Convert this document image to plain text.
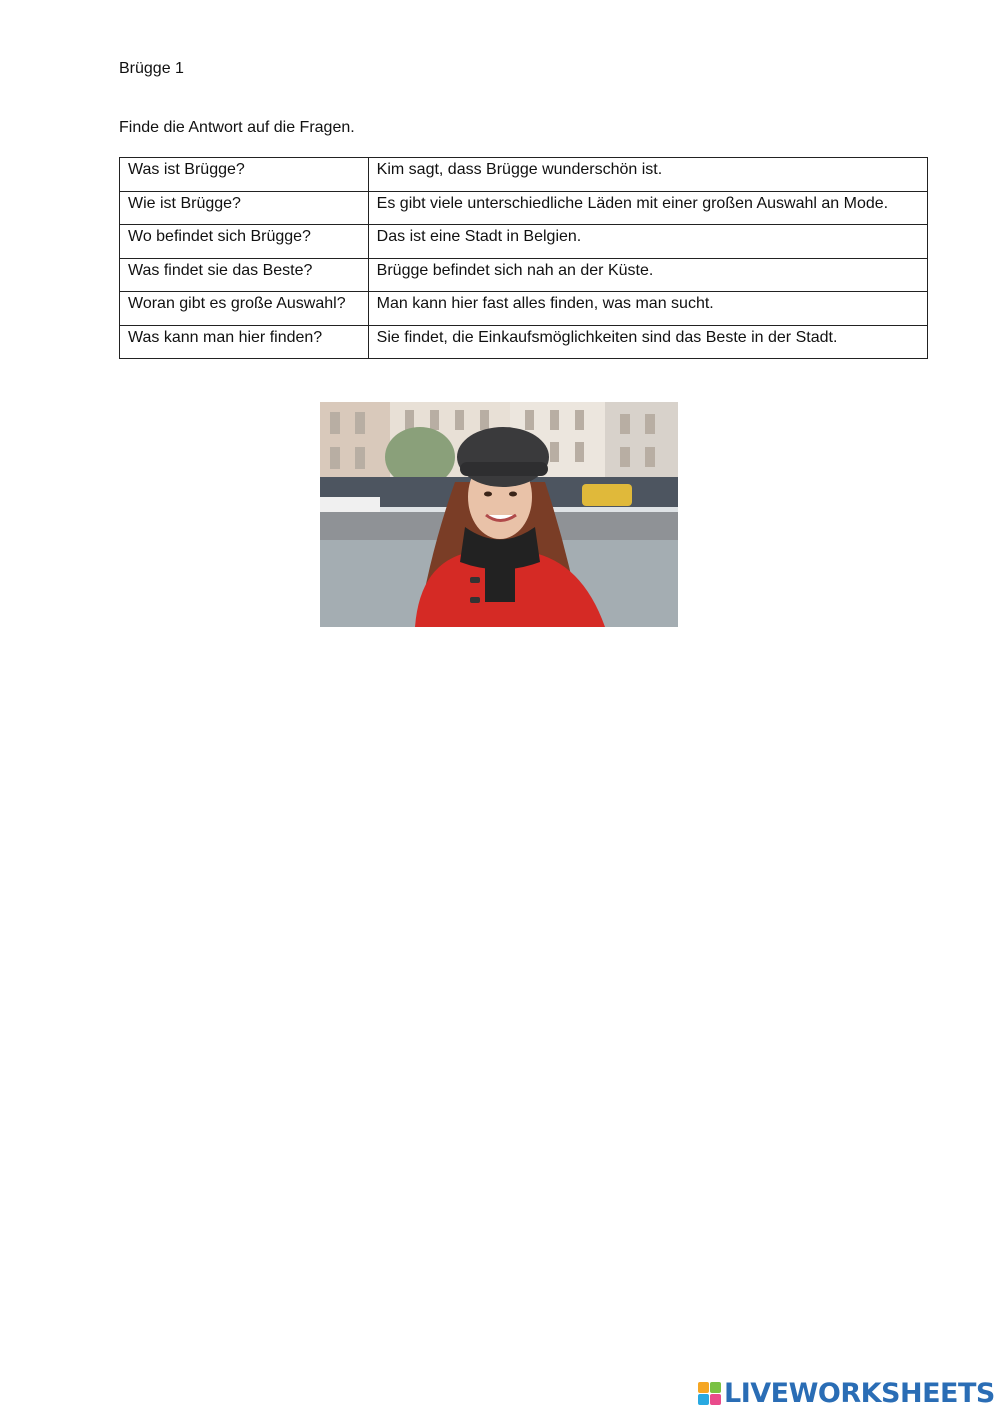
Brügge 1
Finde die Antwort auf die Fragen.
Was ist Brügge?	Kim sagt, dass Brügge wunderschön ist.
Wie ist Brügge?	Es gibt viele unterschiedliche Läden mit einer großen Auswahl an Mode.
Wo befindet sich Brügge?	Das ist eine Stadt in Belgien.
Was findet sie das Beste?	Brügge befindet sich nah an der Küste.
Woran gibt es große Auswahl?	Man kann hier fast alles finden, was man sucht.
Was kann man hier finden?	Sie findet, die Einkaufsmöglichkeiten sind das Beste in der Stadt.
LIVEWORKSHEETS
